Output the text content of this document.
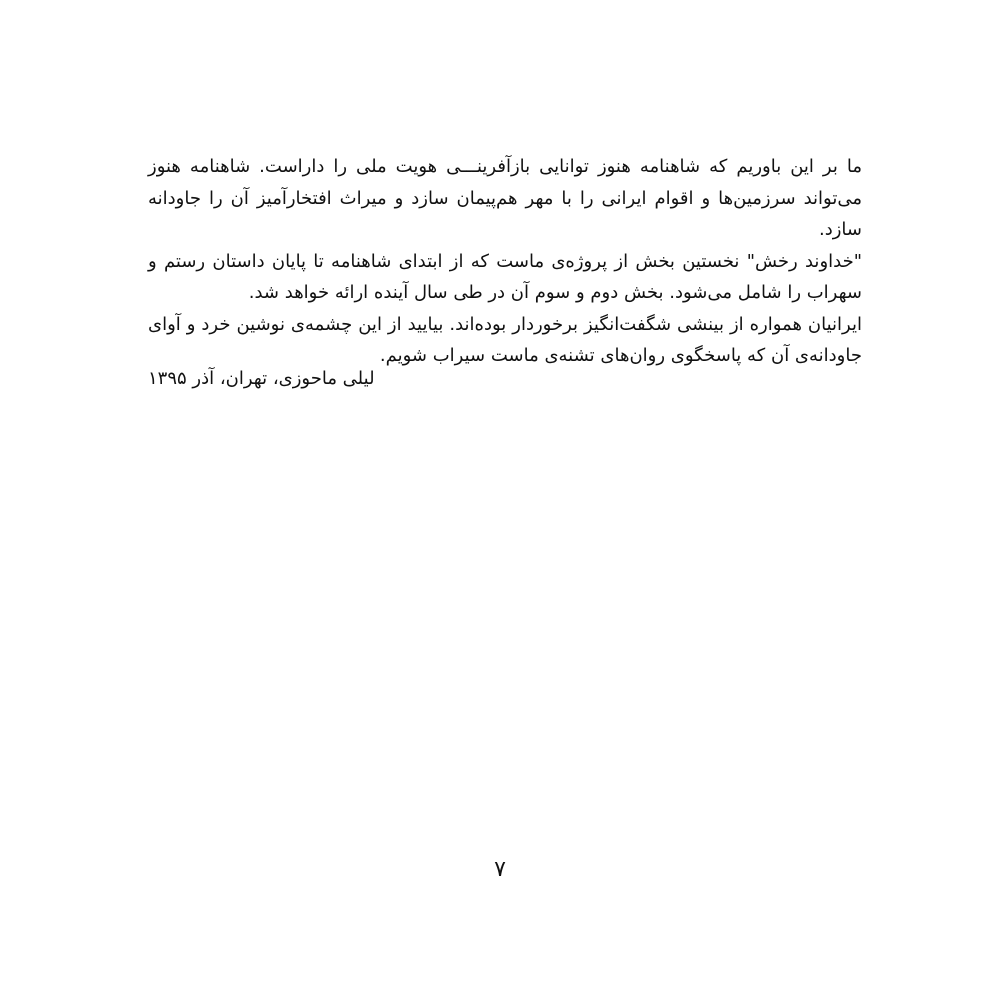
ما بر این باوریم که شاهنامه هنوز توانایی بازآفرینـــی هویت ملی را داراست. شاهنامه هنوز می‌تواند سرزمین‌ها و اقوام ایرانی را با مهر هم‌پیمان سازد و میراث افتخارآمیز آن را جاودانه سازد.

"خداوند رخش" نخستین بخش از پروژه‌ی ماست که از ابتدای شاهنامه تا پایان داستان رستم و سهراب را شامل می‌شود. بخش دوم و سوم آن در طی سال آینده ارائه خواهد شد.

ایرانیان همواره از بینشی شگفت‌انگیز برخوردار بوده‌اند. بیایید از این چشمه‌ی نوشین خرد و آوای جاودانه‌ی آن که پاسخگوی روان‌های تشنه‌ی ماست سیراب شویم.

لیلی ماحوزی، تهران، آذر ۱۳۹۵

۷
